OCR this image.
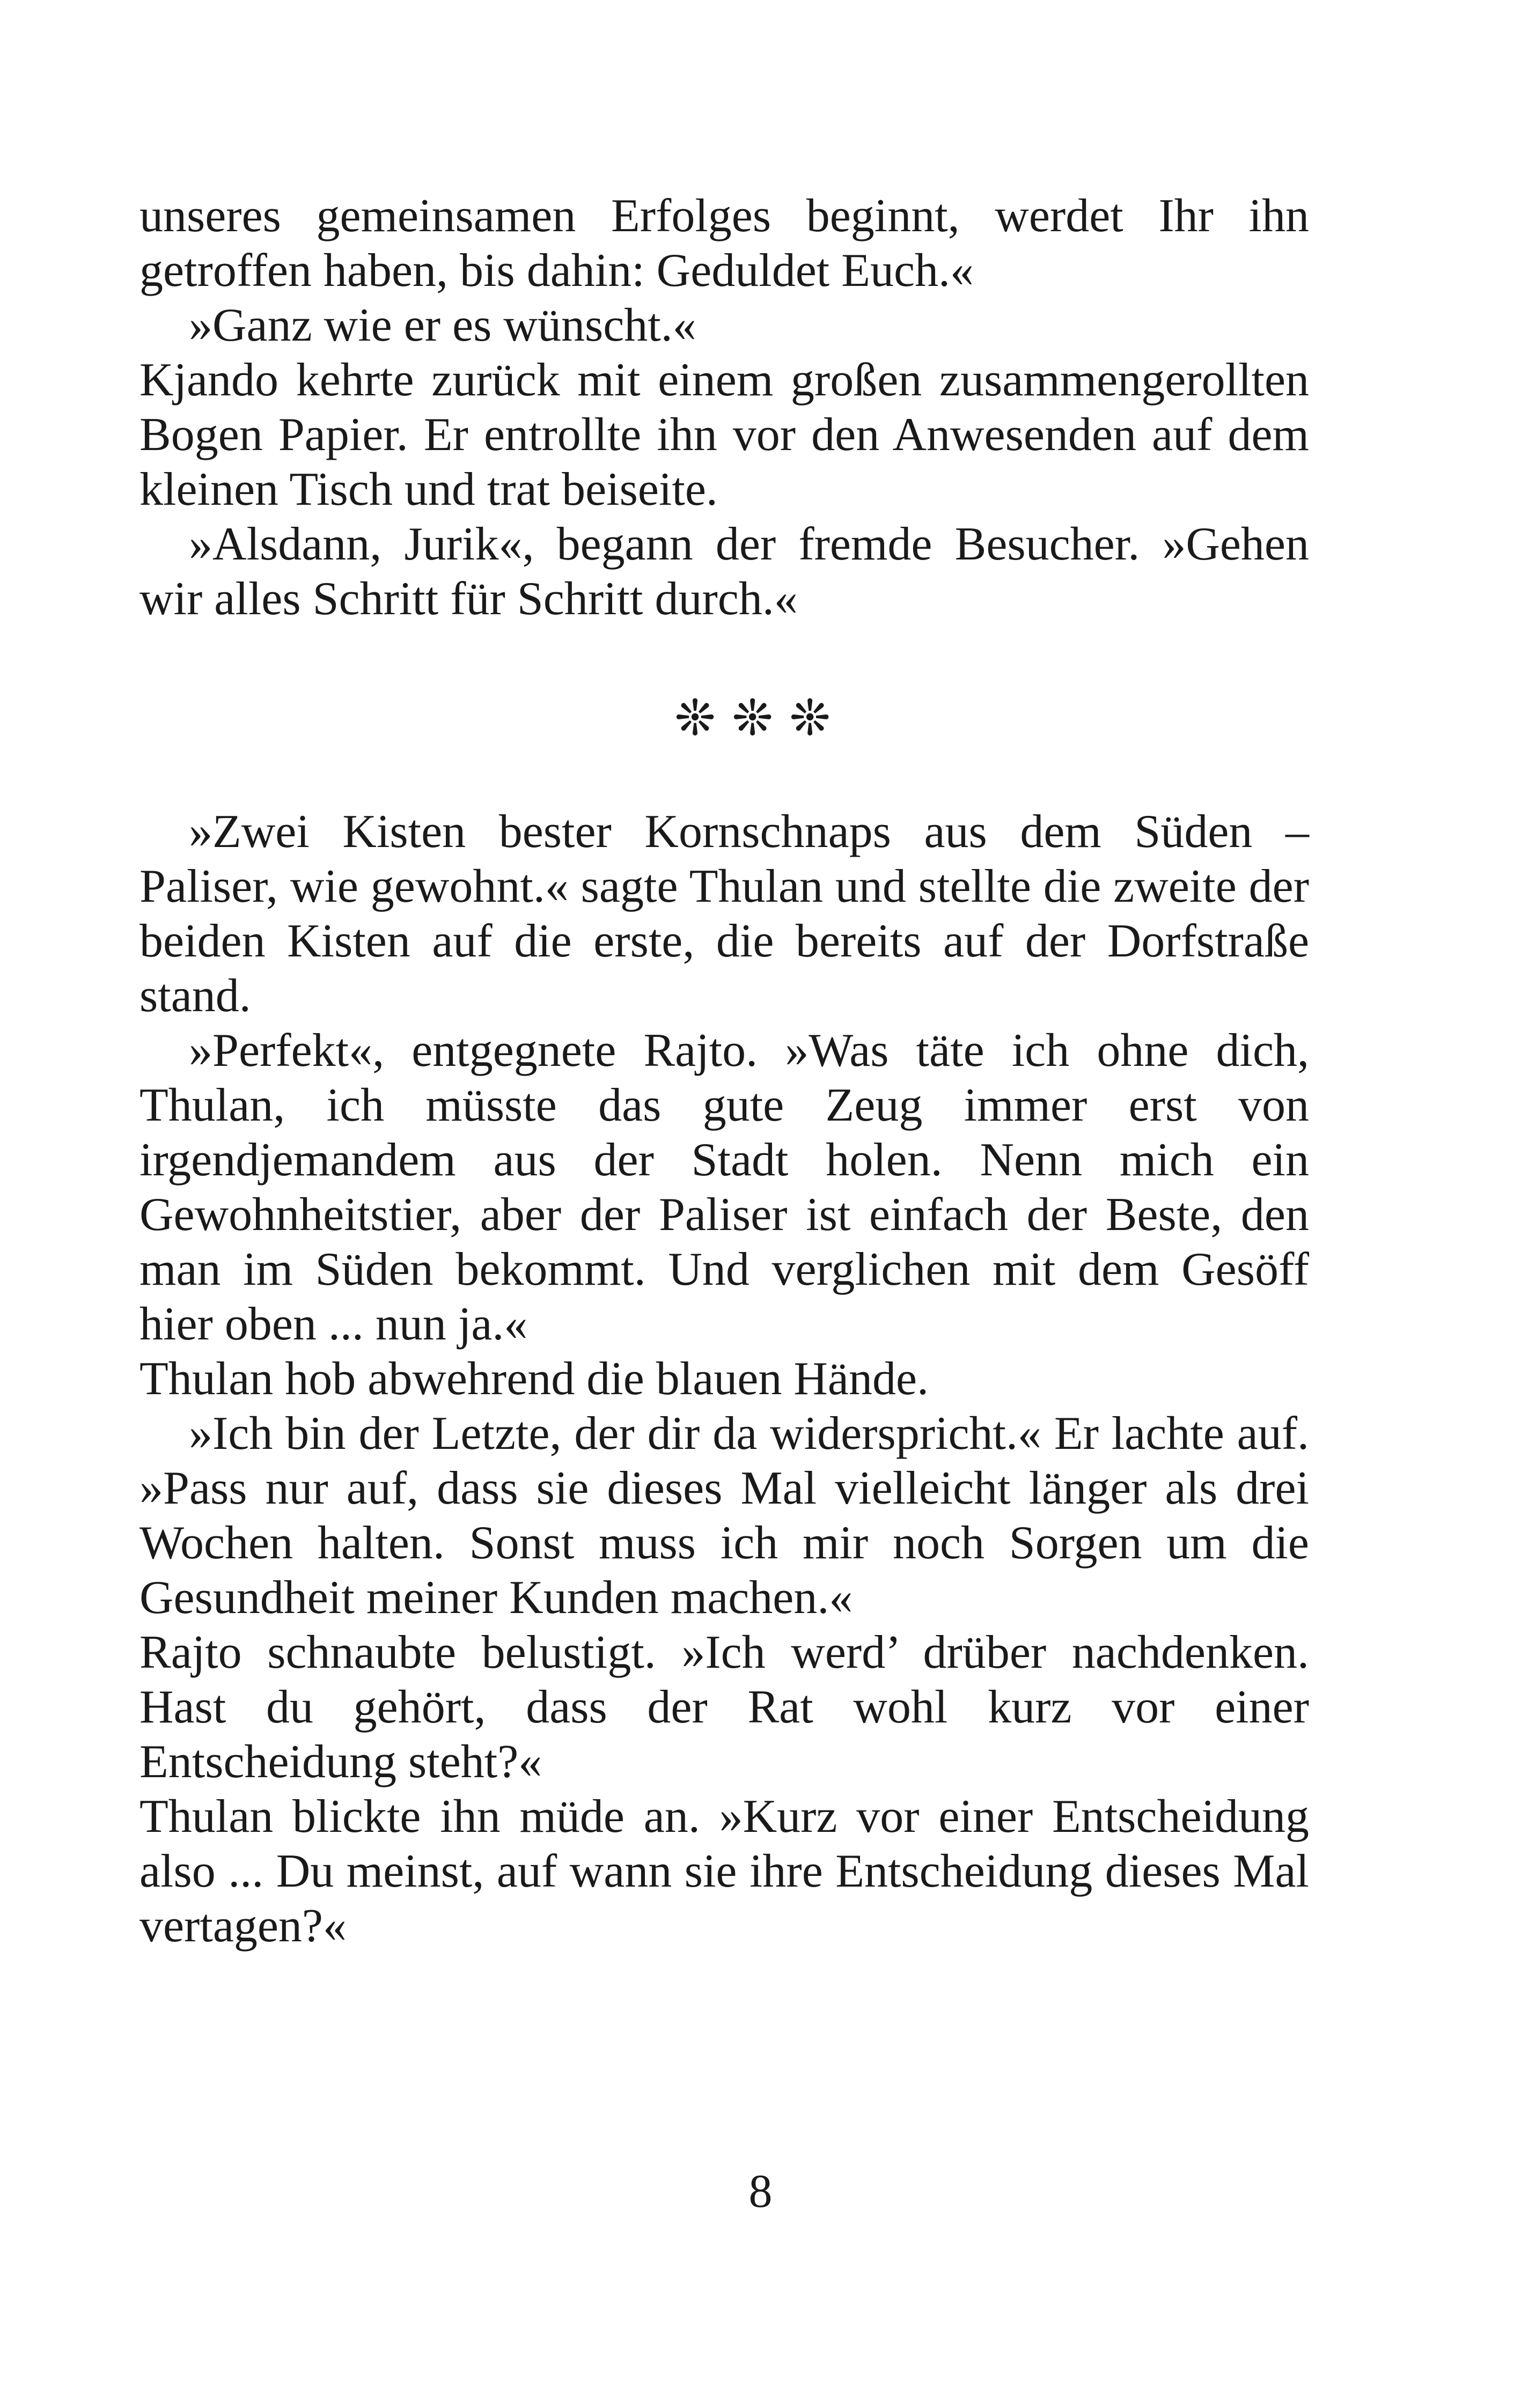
unseres gemeinsamen Erfolges beginnt, werdet Ihr ihn getroffen haben, bis dahin: Geduldet Euch.«

»Ganz wie er es wünscht.«

Kjando kehrte zurück mit einem großen zusammengerollten Bogen Papier. Er entrollte ihn vor den Anwesenden auf dem kleinen Tisch und trat beiseite.

»Alsdann, Jurik«, begann der fremde Besucher. »Gehen wir alles Schritt für Schritt durch.«

❊❊❊

»Zwei Kisten bester Kornschnaps aus dem Süden – Paliser, wie gewohnt.« sagte Thulan und stellte die zweite der beiden Kisten auf die erste, die bereits auf der Dorfstraße stand.

»Perfekt«, entgegnete Rajto. »Was täte ich ohne dich, Thulan, ich müsste das gute Zeug immer erst von irgendjemandem aus der Stadt holen. Nenn mich ein Gewohnheitstier, aber der Paliser ist einfach der Beste, den man im Süden bekommt. Und verglichen mit dem Gesöff hier oben ... nun ja.«

Thulan hob abwehrend die blauen Hände.

»Ich bin der Letzte, der dir da widerspricht.« Er lachte auf. »Pass nur auf, dass sie dieses Mal vielleicht länger als drei Wochen halten. Sonst muss ich mir noch Sorgen um die Gesundheit meiner Kunden machen.«

Rajto schnaubte belustigt. »Ich werd’ drüber nachdenken. Hast du gehört, dass der Rat wohl kurz vor einer Entscheidung steht?«

Thulan blickte ihn müde an. »Kurz vor einer Entscheidung also ... Du meinst, auf wann sie ihre Entscheidung dieses Mal vertagen?«

8
